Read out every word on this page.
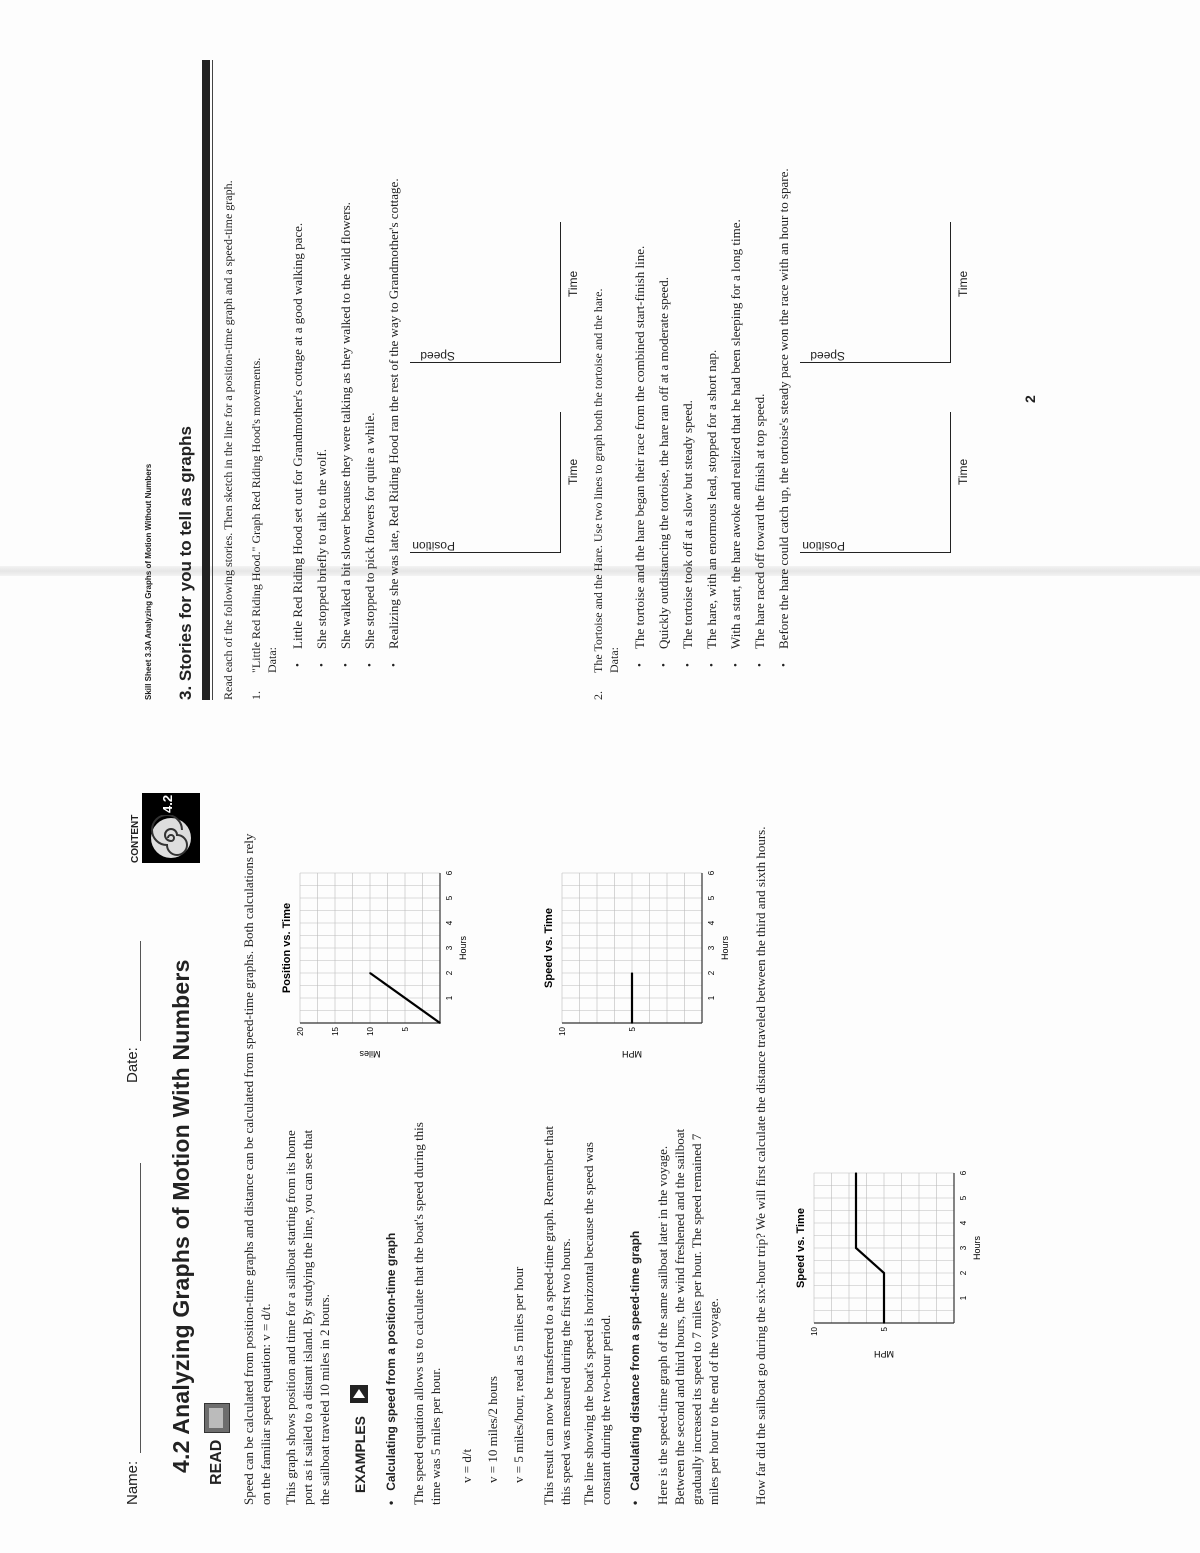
Name:
Date: 4.2 Analyzing Graphs of Motion With Numbers READ
CONTENT
4.2
Speed can be calculated from position-time graphs and distance can be calculated from speed-time graphs. Both calculations rely on the familiar speed equation: v = d/t. This graph shows position and time for a sailboat starting from its home port as it sailed to a distant island. By studying the line, you can see that the sailboat traveled 10 miles in 2 hours. EXAMPLES
•   Calculating speed from a position-time graph The speed equation allows us to calculate that the boat's speed during this time was 5 miles per hour. v = d/t v = 10 miles/2 hours v = 5 miles/hour, read as 5 miles per hour This result can now be transferred to a speed-time graph. Remember that this speed was measured during the first two hours. The line showing the boat's speed is horizontal because the speed was constant during the two-hour period. •   Calculating distance from a speed-time graph Here is the speed-time graph of the same sailboat later in the voyage. Between the second and third hours, the wind freshened and the sailboat gradually increased its speed to 7 miles per hour. The speed remained 7 miles per hour to the end of the voyage. How far did the sailboat go during the six-hour trip? We will first calculate the distance traveled between the third and sixth hours.
Position vs. Time
1
2
3
4
5
6
5
10
15
20
Hours
Miles
Speed vs. Time
1
2
3
4
5
6
5
10
Hours
MPH
Speed vs. Time
1
2
3
4
5
6
5
10
Hours
MPH
Skill Sheet 3.3A Analyzing Graphs of Motion Without Numbers 3. Stories for you to tell as graphs Read each of the following stories. Then sketch in the line for a position-time graph and a speed-time graph. 1.
"Little Red Riding Hood." Graph Red Riding Hood's movements. Data:
• Little Red Riding Hood set out for Grandmother's cottage at a good walking pace. • She stopped briefly to talk to the wolf. • She walked a bit slower because they were talking as they walked to the wild flowers. • She stopped to pick flowers for quite a while. • Realizing she was late, Red Riding Hood ran the rest of the way to Grandmother's cottage. Position
Time
Speed
Time
2.
The Tortoise and the Hare. Use two lines to graph both the tortoise and the hare. Data:
• The tortoise and the hare began their race from the combined start-finish line. • Quickly outdistancing the tortoise, the hare ran off at a moderate speed. • The tortoise took off at a slow but steady speed. • The hare, with an enormous lead, stopped for a short nap. • With a start, the hare awoke and realized that he had been sleeping for a long time. • The hare raced off toward the finish at top speed. • Before the hare could catch up, the tortoise's steady pace won the race with an hour to spare. Position
Time
Speed
Time
2
